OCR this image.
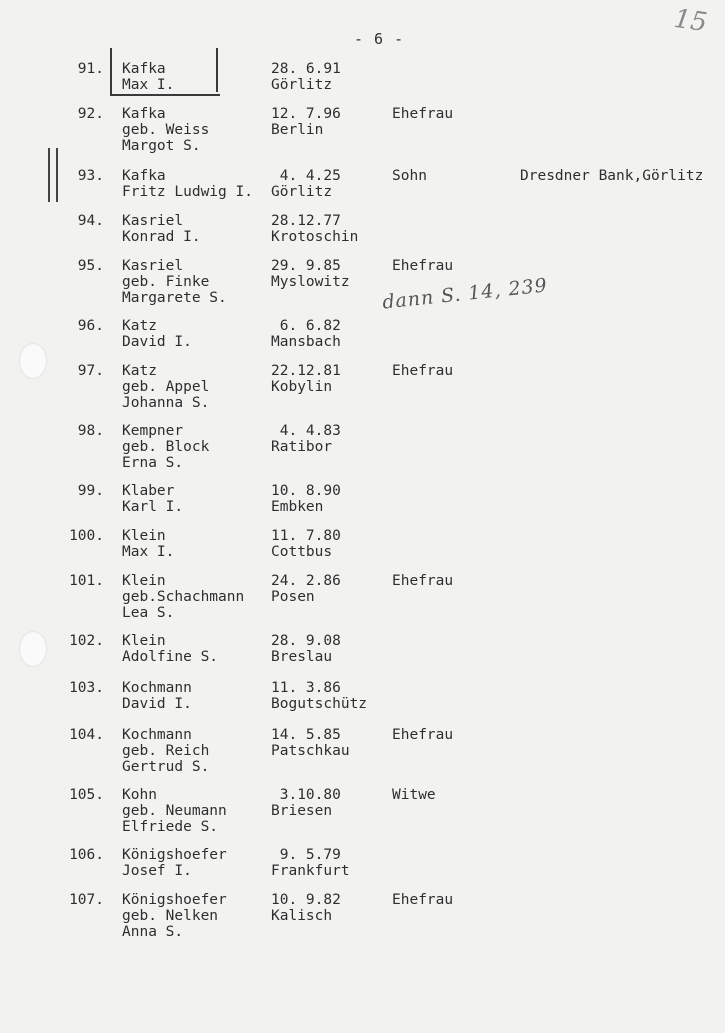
- 6 -
15
dann S. 14, 239
91. Kafka
Max I.
28. 6.91
Görlitz
92. Kafka
geb. Weiss
Margot S.
12. 7.96
Berlin
Ehefrau
93. Kafka
Fritz Ludwig I.
4. 4.25
Görlitz
Sohn	Dresdner Bank,Görlitz
94. Kasriel
Konrad I.
28.12.77
Krotoschin
95. Kasriel
geb. Finke
Margarete S.
29. 9.85
Myslowitz
Ehefrau
96. Katz
David I.
6. 6.82
Mansbach
97. Katz
geb. Appel
Johanna S.
22.12.81
Kobylin
Ehefrau
98. Kempner
geb. Block
Erna S.
4. 4.83
Ratibor
99. Klaber
Karl I.
10. 8.90
Embken
100. Klein
Max I.
11. 7.80
Cottbus
101. Klein
geb.Schachmann
Lea S.
24. 2.86
Posen
Ehefrau
102. Klein
Adolfine S.
28. 9.08
Breslau
103. Kochmann
David I.
11. 3.86
Bogutschütz
104. Kochmann
geb. Reich
Gertrud S.
14. 5.85
Patschkau
Ehefrau
105. Kohn
geb. Neumann
Elfriede S.
3.10.80
Briesen
Witwe
106. Königshoefer
Josef I.
9. 5.79
Frankfurt
107. Königshoefer
geb. Nelken
Anna S.
10. 9.82
Kalisch
Ehefrau
